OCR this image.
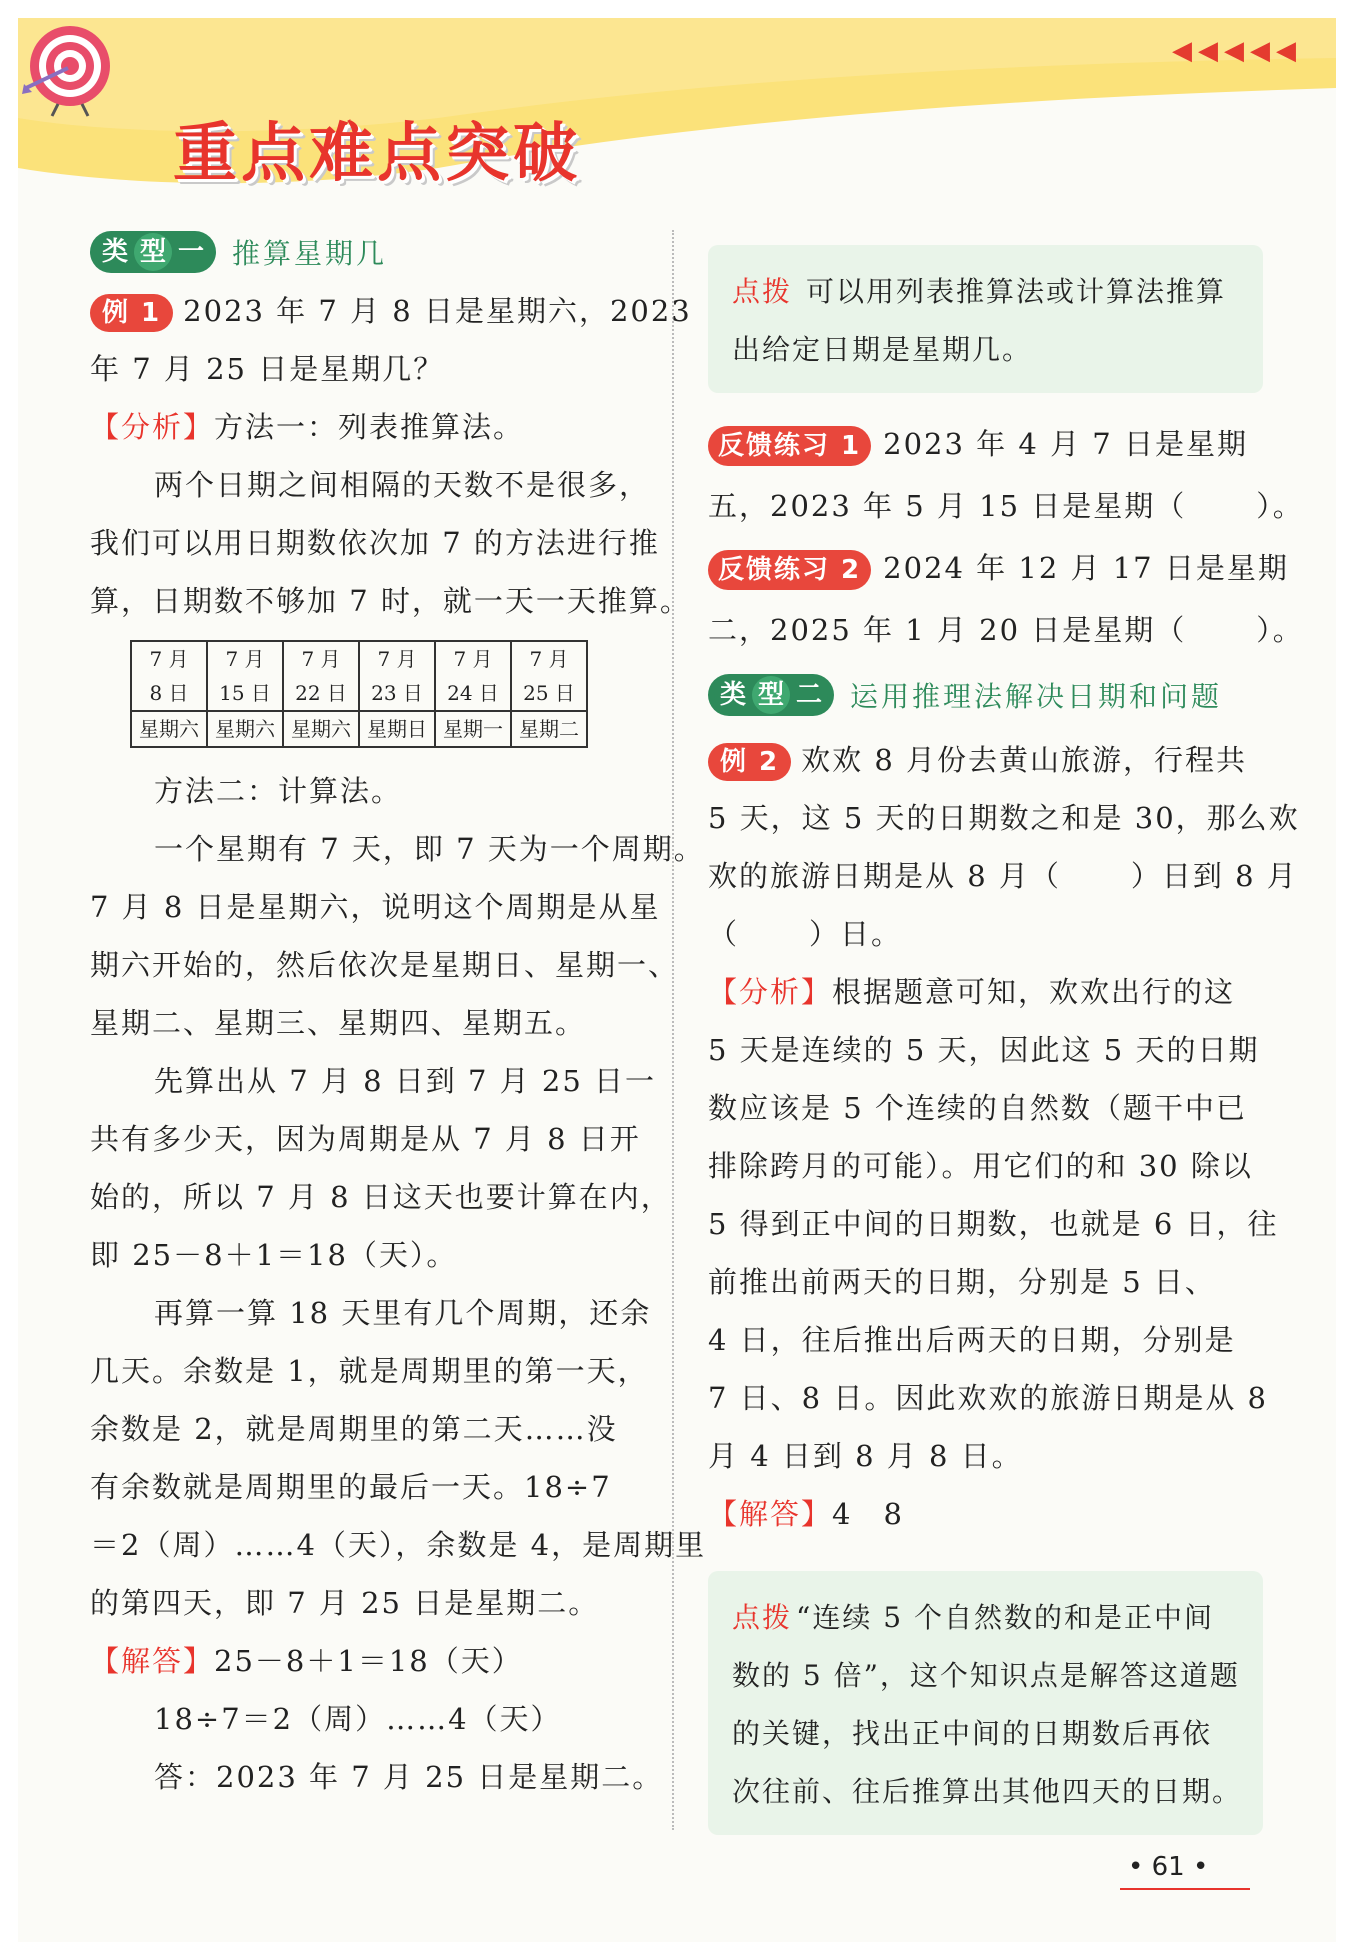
◀ ◀ ◀ ◀ ◀
重点难点突破
类 型 一 推算星期几
例 1 2023 年 7 月 8 日是星期六，2023
年 7 月 25 日是星期几？
【分析】方法一：列表推算法。
两个日期之间相隔的天数不是很多，
我们可以用日期数依次加 7 的方法进行推
算，日期数不够加 7 时，就一天一天推算。
7 月	7 月	7 月	7 月	7 月	7 月
8 日	15 日	22 日	23 日	24 日	25 日
星期六	星期六	星期六	星期日	星期一	星期二
方法二：计算法。
一个星期有 7 天，即 7 天为一个周期。
7 月 8 日是星期六，说明这个周期是从星
期六开始的，然后依次是星期日、星期一、
星期二、星期三、星期四、星期五。
先算出从 7 月 8 日到 7 月 25 日一
共有多少天，因为周期是从 7 月 8 日开
始的，所以 7 月 8 日这天也要计算在内，
即 25－8＋1＝18（天）。
再算一算 18 天里有几个周期，还余
几天。余数是 1，就是周期里的第一天，
余数是 2，就是周期里的第二天……没
有余数就是周期里的最后一天。18÷7
＝2（周）……4（天），余数是 4，是周期里
的第四天，即 7 月 25 日是星期二。
【解答】25－8＋1＝18（天）
18÷7＝2（周）……4（天）
答：2023 年 7 月 25 日是星期二。
点拨 可以用列表推算法或计算法推算
出给定日期是星期几。
反馈练习 1 2023 年 4 月 7 日是星期
五，2023 年 5 月 15 日是星期（ ）。
反馈练习 2 2024 年 12 月 17 日是星期
二，2025 年 1 月 20 日是星期（ ）。
类 型 二 运用推理法解决日期和问题
例 2 欢欢 8 月份去黄山旅游，行程共
5 天，这 5 天的日期数之和是 30，那么欢
欢的旅游日期是从 8 月（ ）日到 8 月
（ ）日。
【分析】根据题意可知，欢欢出行的这
5 天是连续的 5 天，因此这 5 天的日期
数应该是 5 个连续的自然数（题干中已
排除跨月的可能）。用它们的和 30 除以
5 得到正中间的日期数，也就是 6 日，往
前推出前两天的日期，分别是 5 日、
4 日，往后推出后两天的日期，分别是
7 日、8 日。因此欢欢的旅游日期是从 8
月 4 日到 8 月 8 日。
【解答】4　8
点拨 “连续 5 个自然数的和是正中间
数的 5 倍”，这个知识点是解答这道题
的关键，找出正中间的日期数后再依
次往前、往后推算出其他四天的日期。
• 61 •
